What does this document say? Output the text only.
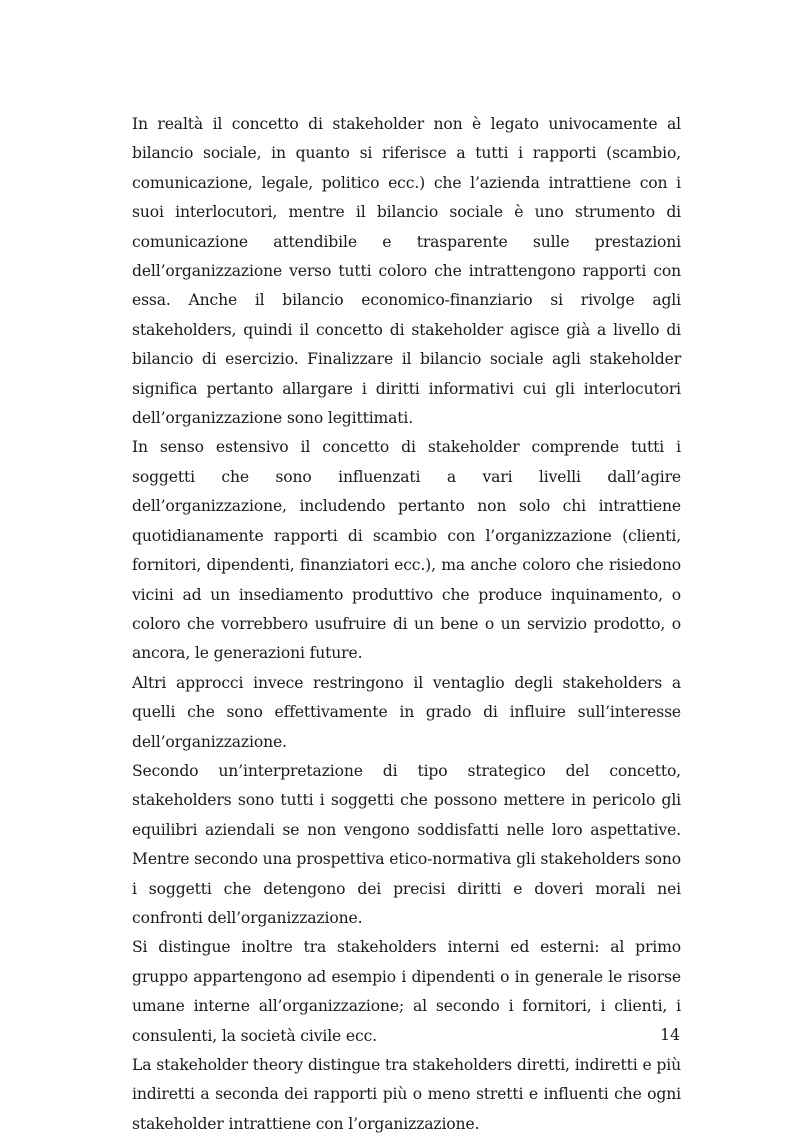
In realtà il concetto di stakeholder non è legato univocamente al bilancio sociale, in quanto si riferisce a tutti i rapporti (scambio, comunicazione, legale, politico ecc.) che l’azienda intrattiene con i suoi interlocutori, mentre il bilancio sociale è uno strumento di comunicazione attendibile e trasparente sulle prestazioni dell’organizzazione verso tutti coloro che intrattengono rapporti con essa. Anche il bilancio economico-finanziario si rivolge agli stakeholders, quindi il concetto di stakeholder agisce già a livello di bilancio di esercizio. Finalizzare il bilancio sociale agli stakeholder significa pertanto allargare i diritti informativi cui gli interlocutori dell’organizzazione sono legittimati.

In senso estensivo il concetto di stakeholder comprende tutti i soggetti che sono influenzati a vari livelli dall’agire dell’organizzazione, includendo pertanto non solo chi intrattiene quotidianamente rapporti di scambio con l’organizzazione (clienti, fornitori, dipendenti, finanziatori ecc.), ma anche coloro che risiedono vicini ad un insediamento produttivo che produce inquinamento, o coloro che vorrebbero usufruire di un bene o un servizio prodotto, o ancora, le generazioni future.

Altri approcci invece restringono il ventaglio degli stakeholders a quelli che sono effettivamente in grado di influire sull’interesse dell’organizzazione.

Secondo un’interpretazione di tipo strategico del concetto, stakeholders sono tutti i soggetti che possono mettere in pericolo gli equilibri aziendali se non vengono soddisfatti nelle loro aspettative. Mentre secondo una prospettiva etico-normativa gli stakeholders sono i soggetti che detengono dei precisi diritti e doveri morali nei confronti dell’organizzazione.

Si distingue inoltre tra stakeholders interni ed esterni: al primo gruppo appartengono ad esempio i dipendenti o in generale le risorse umane interne all’organizzazione; al secondo i fornitori, i clienti, i consulenti, la società civile ecc.

La stakeholder theory distingue tra stakeholders diretti, indiretti e più indiretti a seconda dei rapporti più o meno stretti e influenti che ogni stakeholder intrattiene con l’organizzazione.

14
